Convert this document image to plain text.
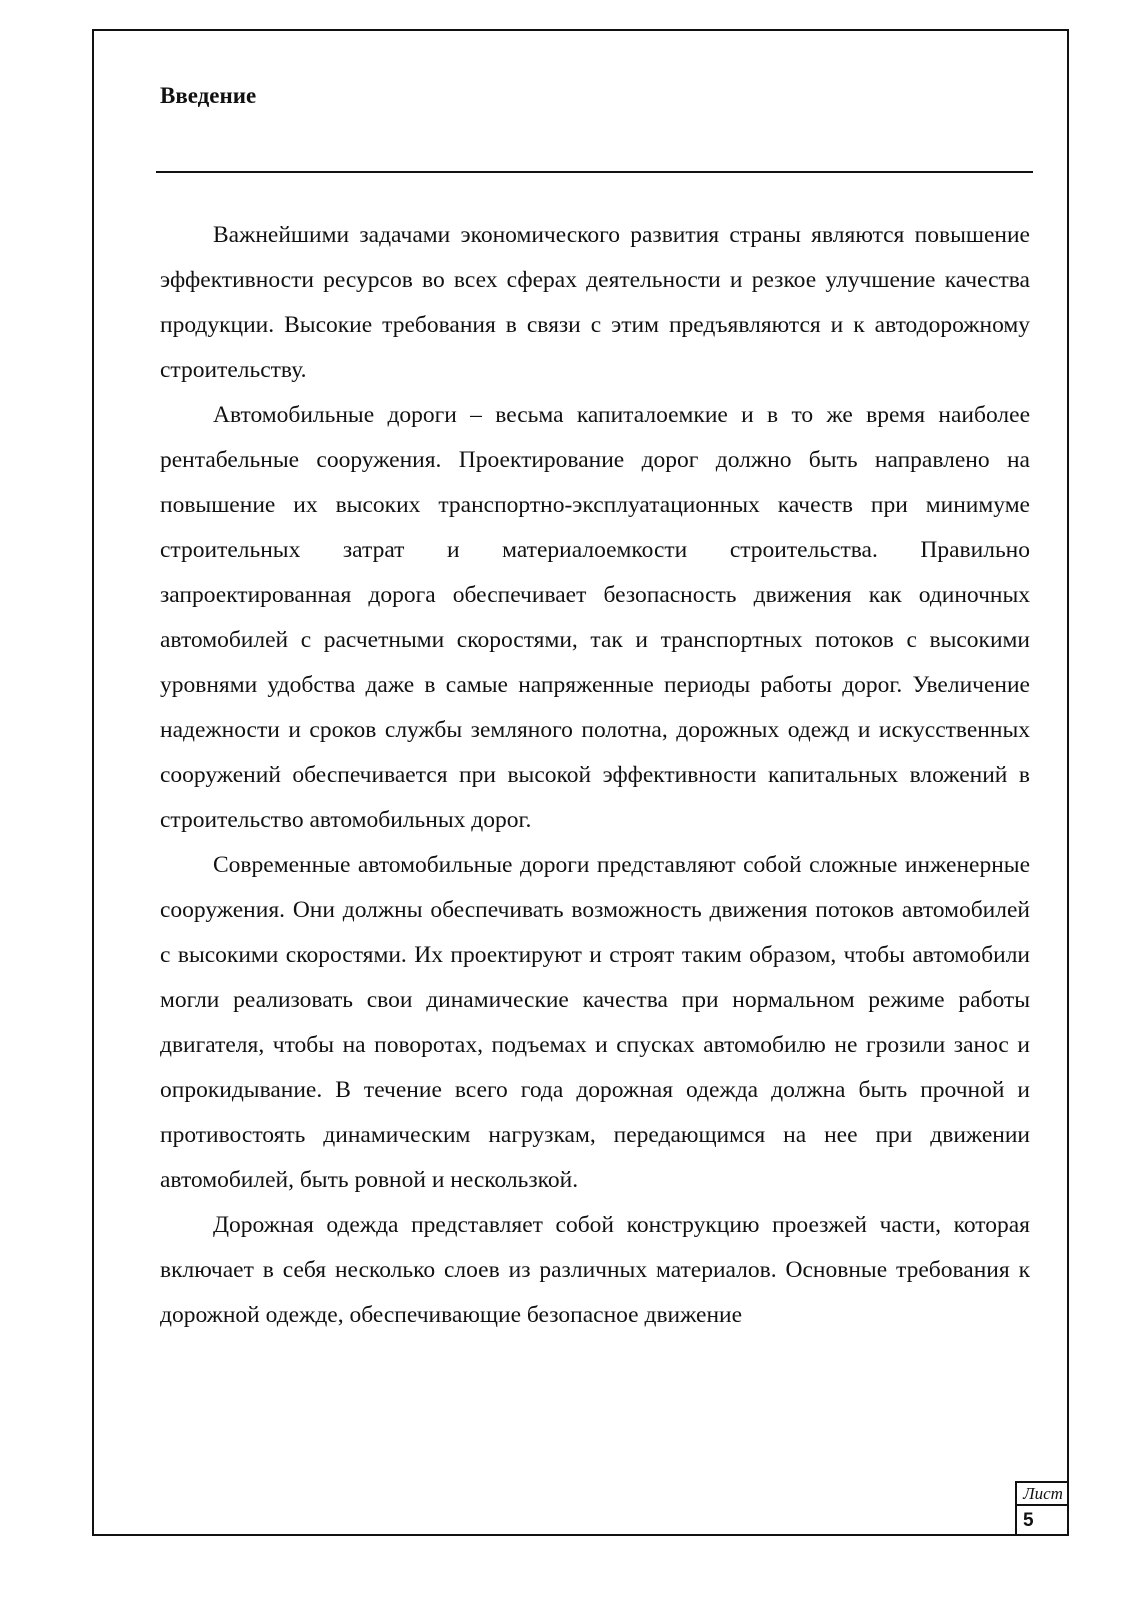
Введение

Важнейшими задачами экономического развития страны являются повышение эффективности ресурсов во всех сферах деятельности и резкое улучшение качества продукции. Высокие требования в связи с этим предъявляются и к автодорожному строительству.

Автомобильные дороги – весьма капиталоемкие и в то же время наиболее рентабельные сооружения. Проектирование дорог должно быть направлено на повышение их высоких транспортно-эксплуатационных качеств при минимуме строительных затрат и материалоемкости строительства. Правильно запроектированная дорога обеспечивает безопасность движения как одиночных автомобилей с расчетными скоростями, так и транспортных потоков с высокими уровнями удобства даже в самые напряженные периоды работы дорог. Увеличение надежности и сроков службы земляного полотна, дорожных одежд и искусственных сооружений обеспечивается при высокой эффективности капитальных вложений в строительство автомобильных дорог.

Современные автомобильные дороги представляют собой сложные инженерные сооружения. Они должны обеспечивать возможность движения потоков автомобилей с высокими скоростями. Их проектируют и строят таким образом, чтобы автомобили могли реализовать свои динамические качества при нормальном режиме работы двигателя, чтобы на поворотах, подъемах и спусках автомобилю не грозили занос и опрокидывание. В течение всего года дорожная одежда должна быть прочной и противостоять динамическим нагрузкам, передающимся на нее при движении автомобилей, быть ровной и нескользкой.

Дорожная одежда представляет собой конструкцию проезжей части, которая включает в себя несколько слоев из различных материалов. Основные требования к дорожной одежде, обеспечивающие безопасное движение

Лист
5
